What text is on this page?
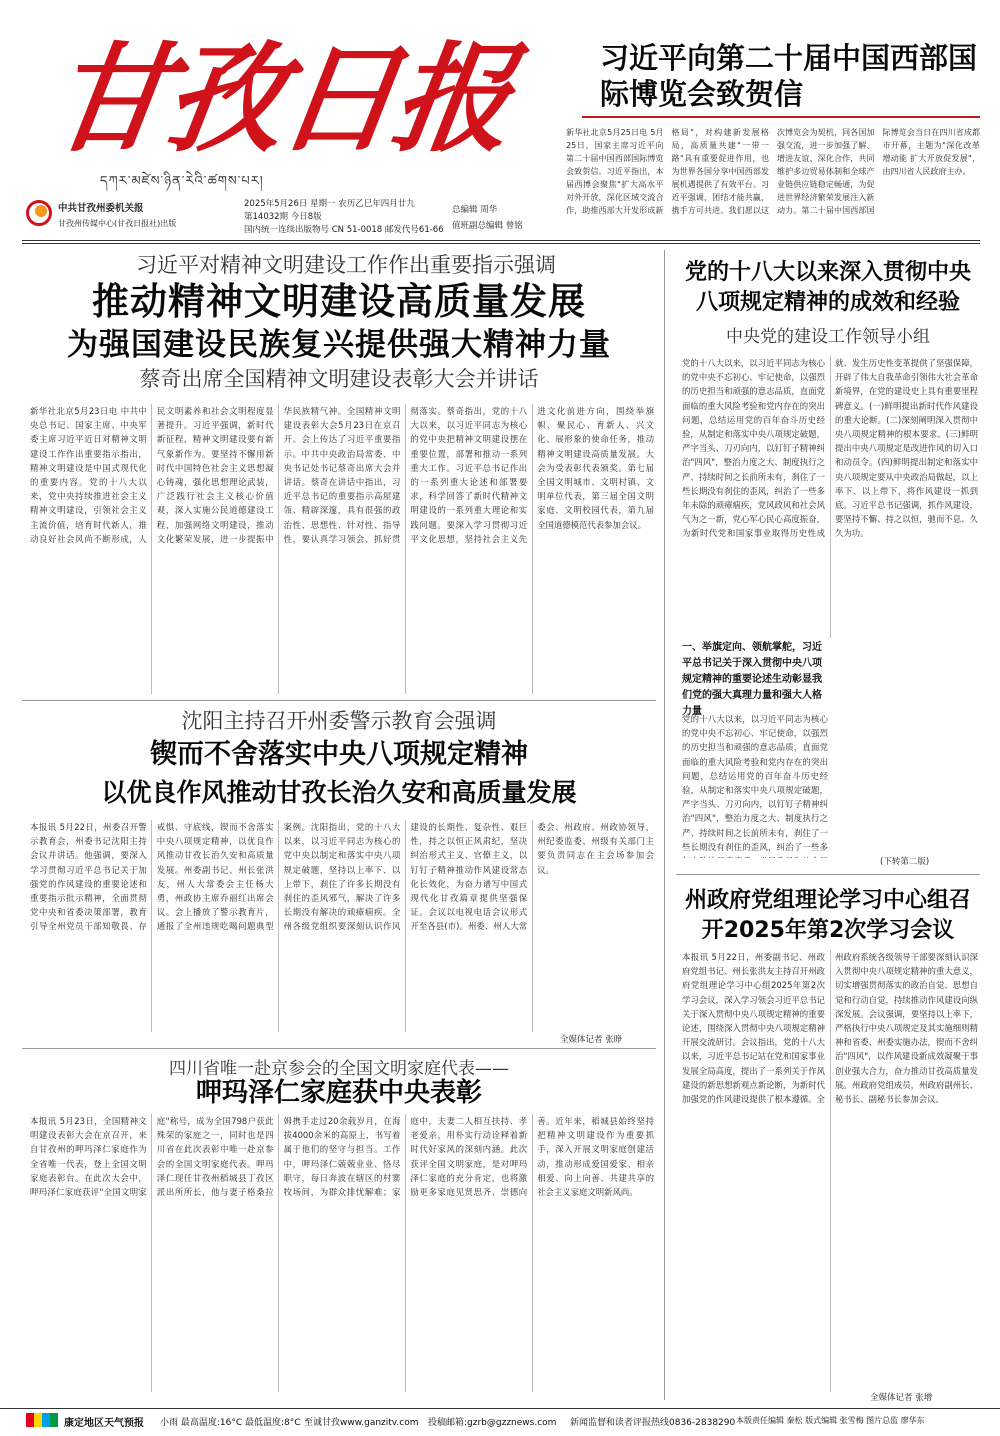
甘孜日报
དཀར་མཛེས་ཉིན་རེའི་ཚགས་པར།
中共甘孜州委机关报
甘孜州传媒中心(甘孜日报社)出版
2025年5月26日 星期一 农历乙巳年四月廿九
第14032期 今日8版
国内统一连续出版物号 CN 51-0018 邮发代号61-66
总编辑 周华
值班副总编辑 曾铭
习近平向第二十届中国西部国际博览会致贺信
新华社北京5月25日电 5月25日，国家主席习近平向第二十届中国西部国际博览会致贺信。习近平指出，本届西博会聚焦"扩大高水平对外开放，深化区域交流合作，助推西部大开发形成新格局"，对构建新发展格局，高质量共建"一带一路"具有重要促进作用，也为世界各国分享中国西部发展机遇提供了有效平台。习近平强调，团结才能共赢，携手方可共进。我们愿以这次博览会为契机，同各国加强交流，进一步加强了解、增进友谊、深化合作，共同维护多边贸易体制和全球产业链供应链稳定畅通，为促进世界经济繁荣发展注入新动力。第二十届中国西部国际博览会当日在四川省成都市开幕，主题为"深化改革增动能 扩大开放促发展"，由四川省人民政府主办。
习近平对精神文明建设工作作出重要指示强调
推动精神文明建设高质量发展
为强国建设民族复兴提供强大精神力量
蔡奇出席全国精神文明建设表彰大会并讲话
新华社北京5月23日电 中共中央总书记、国家主席、中央军委主席习近平近日对精神文明建设工作作出重要指示指出，精神文明建设是中国式现代化的重要内容。党的十八大以来，党中央持续推进社会主义精神文明建设，引领社会主义主流价值，培育时代新人，推动良好社会风尚不断形成，人民文明素养和社会文明程度显著提升。习近平强调，新时代新征程，精神文明建设要有新气象新作为。要坚持不懈用新时代中国特色社会主义思想凝心铸魂，强化思想理论武装，广泛践行社会主义核心价值观，深入实施公民道德建设工程，加强网络文明建设，推动文化繁荣发展，进一步提振中华民族精气神。全国精神文明建设表彰大会5月23日在京召开。会上传达了习近平重要指示。中共中央政治局常委、中央书记处书记蔡奇出席大会并讲话。蔡奇在讲话中指出，习近平总书记的重要指示高屋建瓴、精辟深邃，具有很强的政治性、思想性、针对性、指导性，要认真学习领会、抓好贯彻落实。蔡奇指出，党的十八大以来，以习近平同志为核心的党中央把精神文明建设摆在重要位置，部署和推动一系列重大工作。习近平总书记作出的一系列重大论述和部署要求，科学回答了新时代精神文明建设的一系列重大理论和实践问题。要深入学习贯彻习近平文化思想，坚持社会主义先进文化前进方向，围绕举旗帜、聚民心、育新人、兴文化、展形象的使命任务，推动精神文明建设高质量发展。大会为受表彰代表颁奖。第七届全国文明城市、文明村镇、文明单位代表，第三届全国文明家庭、文明校园代表，第九届全国道德模范代表参加会议。
沈阳主持召开州委警示教育会强调
锲而不舍落实中央八项规定精神
以优良作风推动甘孜长治久安和高质量发展
本报讯 5月22日，州委召开警示教育会，州委书记沈阳主持会议并讲话。他强调，要深入学习贯彻习近平总书记关于加强党的作风建设的重要论述和重要指示批示精神，全面贯彻党中央和省委决策部署，教育引导全州党员干部知敬畏、存戒惧、守底线，锲而不舍落实中央八项规定精神，以优良作风推动甘孜长治久安和高质量发展。州委副书记、州长张洪友，州人大常委会主任杨大勇，州政协主席乔丽红出席会议。会上播放了警示教育片，通报了全州违规吃喝问题典型案例。沈阳指出，党的十八大以来，以习近平同志为核心的党中央以制定和落实中央八项规定破题，坚持以上率下、以上带下，刹住了许多长期没有刹住的歪风邪气，解决了许多长期没有解决的顽瘴痼疾。全州各级党组织要深刻认识作风建设的长期性、复杂性、艰巨性，持之以恒正风肃纪，坚决纠治形式主义、官僚主义，以钉钉子精神推动作风建设常态化长效化，为奋力谱写中国式现代化甘孜篇章提供坚强保证。会议以电视电话会议形式开至各县(市)。州委、州人大常委会、州政府、州政协领导，州纪委监委、州级有关部门主要负责同志在主会场参加会议。
全媒体记者 张睁
四川省唯一赴京参会的全国文明家庭代表——
呷玛泽仁家庭获中央表彰
本报讯 5月23日，全国精神文明建设表彰大会在京召开，来自甘孜州的呷玛泽仁家庭作为全省唯一代表，登上全国文明家庭表彰台。在此次大会中，呷玛泽仁家庭获评"全国文明家庭"称号，成为全国798户获此殊荣的家庭之一，同时也是四川省在此次表彰中唯一赴京参会的全国文明家庭代表。呷玛泽仁现任甘孜州稻城县丁孜区派出所所长，他与妻子格桑拉姆携手走过20余载岁月，在海拔4000余米的高原上，书写着属于他们的坚守与担当。工作中，呷玛泽仁兢兢业业、恪尽职守，每日奔波在辖区的村寨牧场间，为群众排忧解难；家庭中，夫妻二人相互扶持、孝老爱亲，用朴实行动诠释着新时代好家风的深刻内涵。此次获评全国文明家庭，是对呷玛泽仁家庭的充分肯定，也将激励更多家庭见贤思齐、崇德向善。近年来，稻城县始终坚持把精神文明建设作为重要抓手，深入开展文明家庭创建活动，推动形成爱国爱家、相亲相爱、向上向善、共建共享的社会主义家庭文明新风尚。
党的十八大以来深入贯彻中央八项规定精神的成效和经验
中央党的建设工作领导小组
党的十八大以来，以习近平同志为核心的党中央不忘初心、牢记使命，以强烈的历史担当和顽强的意志品质，直面党面临的重大风险考验和党内存在的突出问题，总结运用党的百年奋斗历史经验，从制定和落实中央八项规定破题，严字当头、刀刃向内，以钉钉子精神纠治"四风"，整治力度之大、制度执行之严、持续时间之长前所未有，刹住了一些长期没有刹住的歪风，纠治了一些多年未除的顽瘴痼疾，党风政风和社会风气为之一新，党心军心民心高度振奋，为新时代党和国家事业取得历史性成就、发生历史性变革提供了坚强保障，开辟了伟大自我革命引领伟大社会革命新境界，在党的建设史上具有重要里程碑意义。(一)鲜明提出新时代作风建设的重大论断。(二)深刻阐明深入贯彻中央八项规定精神的根本要求。(三)鲜明提出中央八项规定是改进作风的切入口和动员令。(四)鲜明提出制定和落实中央八项规定要从中央政治局做起，以上率下、以上带下，将作风建设一抓到底。习近平总书记强调，抓作风建设，要坚持不懈、持之以恒，驰而不息、久久为功。
一、举旗定向、领航掌舵，习近平总书记关于深入贯彻中央八项规定精神的重要论述生动彰显我们党的强大真理力量和强大人格力量
党的十八大以来，以习近平同志为核心的党中央不忘初心、牢记使命，以强烈的历史担当和顽强的意志品质，直面党面临的重大风险考验和党内存在的突出问题，总结运用党的百年奋斗历史经验，从制定和落实中央八项规定破题，严字当头、刀刃向内，以钉钉子精神纠治"四风"，整治力度之大、制度执行之严、持续时间之长前所未有，刹住了一些长期没有刹住的歪风，纠治了一些多
(下转第二版)
州政府党组理论学习中心组召开2025年第2次学习会议
本报讯 5月22日，州委副书记、州政府党组书记、州长张洪友主持召开州政府党组理论学习中心组2025年第2次学习会议，深入学习领会习近平总书记关于深入贯彻中央八项规定精神的重要论述，围绕深入贯彻中央八项规定精神开展交流研讨。会议指出，党的十八大以来，习近平总书记站在党和国家事业发展全局高度，提出了一系列关于作风建设的新思想新观点新论断，为新时代加强党的作风建设提供了根本遵循。全州政府系统各级领导干部要深刻认识深入贯彻中央八项规定精神的重大意义，切实增强贯彻落实的政治自觉、思想自觉和行动自觉，持续推动作风建设向纵深发展。会议强调，要坚持以上率下，严格执行中央八项规定及其实施细则精神和省委、州委实施办法，锲而不舍纠治"四风"，以作风建设新成效凝聚干事创业强大合力，奋力推动甘孜高质量发展。州政府党组成员，州政府副州长、秘书长、副秘书长参加会议。
全媒体记者 张增
康定地区天气预报 小雨 最高温度:16°C 最低温度:8°C 至诚甘孜www.ganzitv.com 投稿邮箱:gzrb@gzznews.com 新闻监督和读者评报热线0836-2838290 本版责任编辑 秦松 版式编辑 张雪梅 图片总监 廖华东
